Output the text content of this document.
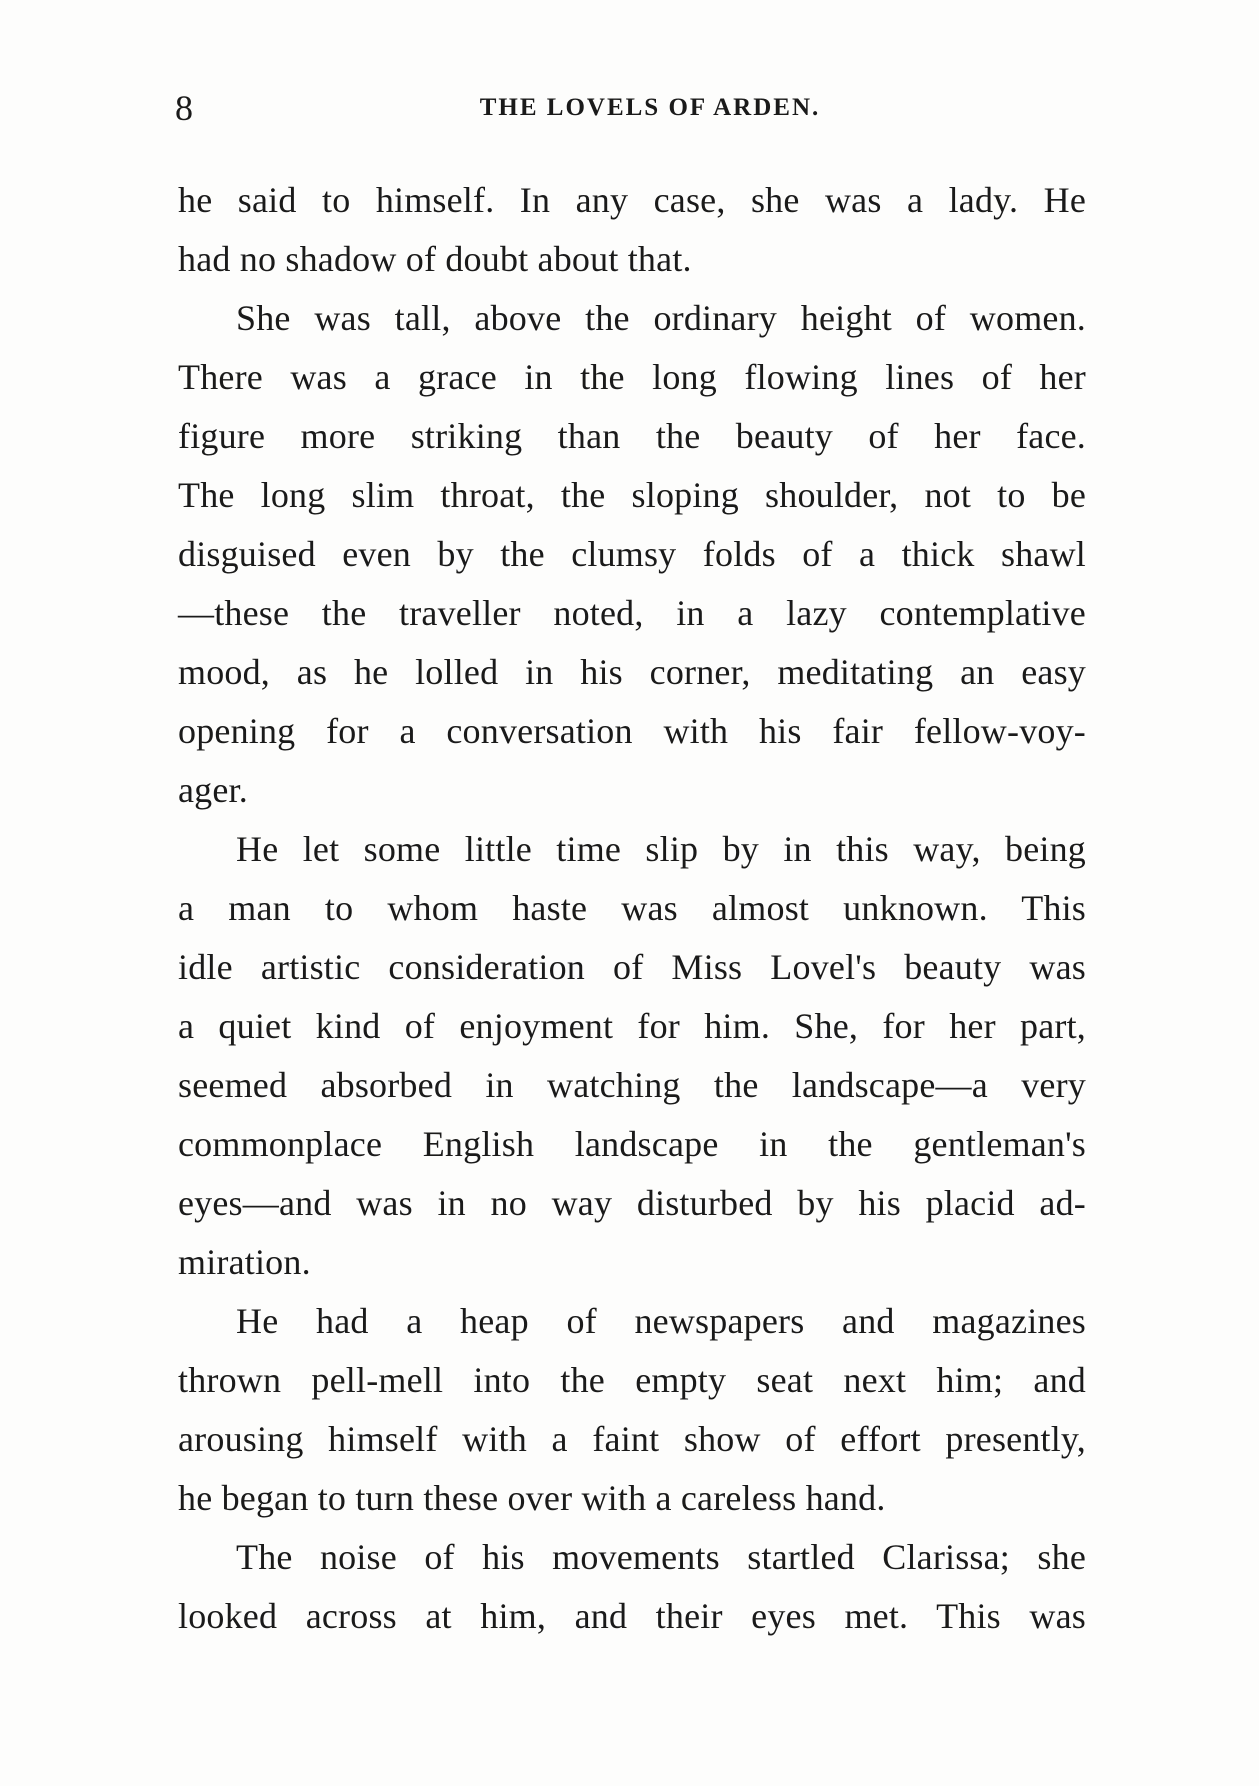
8	THE LOVELS OF ARDEN.

he said to himself. In any case, she was a lady. He
had no shadow of doubt about that.

She was tall, above the ordinary height of women.
There was a grace in the long flowing lines of her
figure more striking than the beauty of her face.
The long slim throat, the sloping shoulder, not to be
disguised even by the clumsy folds of a thick shawl
—these the traveller noted, in a lazy contemplative
mood, as he lolled in his corner, meditating an easy
opening for a conversation with his fair fellow-voy-
ager.

He let some little time slip by in this way, being
a man to whom haste was almost unknown. This
idle artistic consideration of Miss Lovel's beauty was
a quiet kind of enjoyment for him. She, for her part,
seemed absorbed in watching the landscape—a very
commonplace English landscape in the gentleman's
eyes—and was in no way disturbed by his placid ad-
miration.

He had a heap of newspapers and magazines
thrown pell-mell into the empty seat next him; and
arousing himself with a faint show of effort presently,
he began to turn these over with a careless hand.

The noise of his movements startled Clarissa; she
looked across at him, and their eyes met. This was
